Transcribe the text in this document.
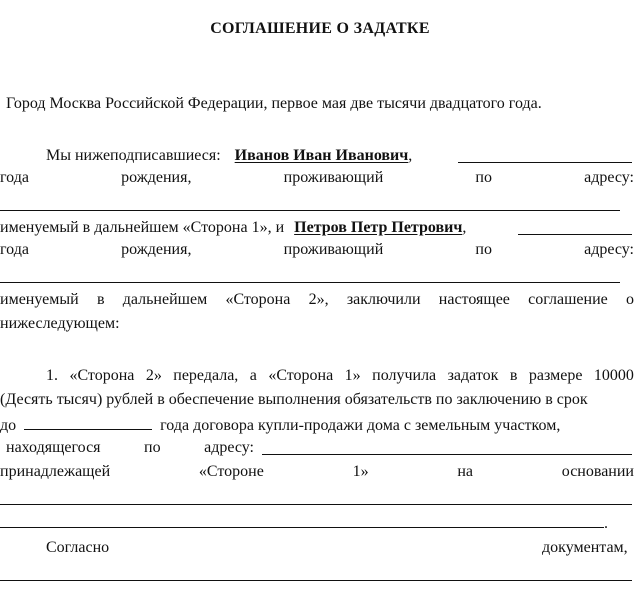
СОГЛАШЕНИЕ О ЗАДАТКЕ
Город Москва Российской Федерации, первое мая две тысячи двадцатого года.
Мы нижеподписавшиеся: Иванов Иван Иванович,
года	рождения,	проживающий	по	адресу:
именуемый в дальнейшем «Сторона 1», и Петров Петр Петрович,
года	рождения,	проживающий	по	адресу:
именуемый в дальнейшем «Сторона 2», заключили настоящее соглашение о
нижеследующем:
1. «Сторона 2» передала, а «Сторона 1» получила задаток в размере 10000
(Десять тысяч) рублей в обеспечение выполнения обязательств по заключению в срок
до	года договора купли-продажи дома с земельным участком,
находящегося	по	адресу:
принадлежащей	«Стороне	1»	на	основании
.
Согласно	документам,
